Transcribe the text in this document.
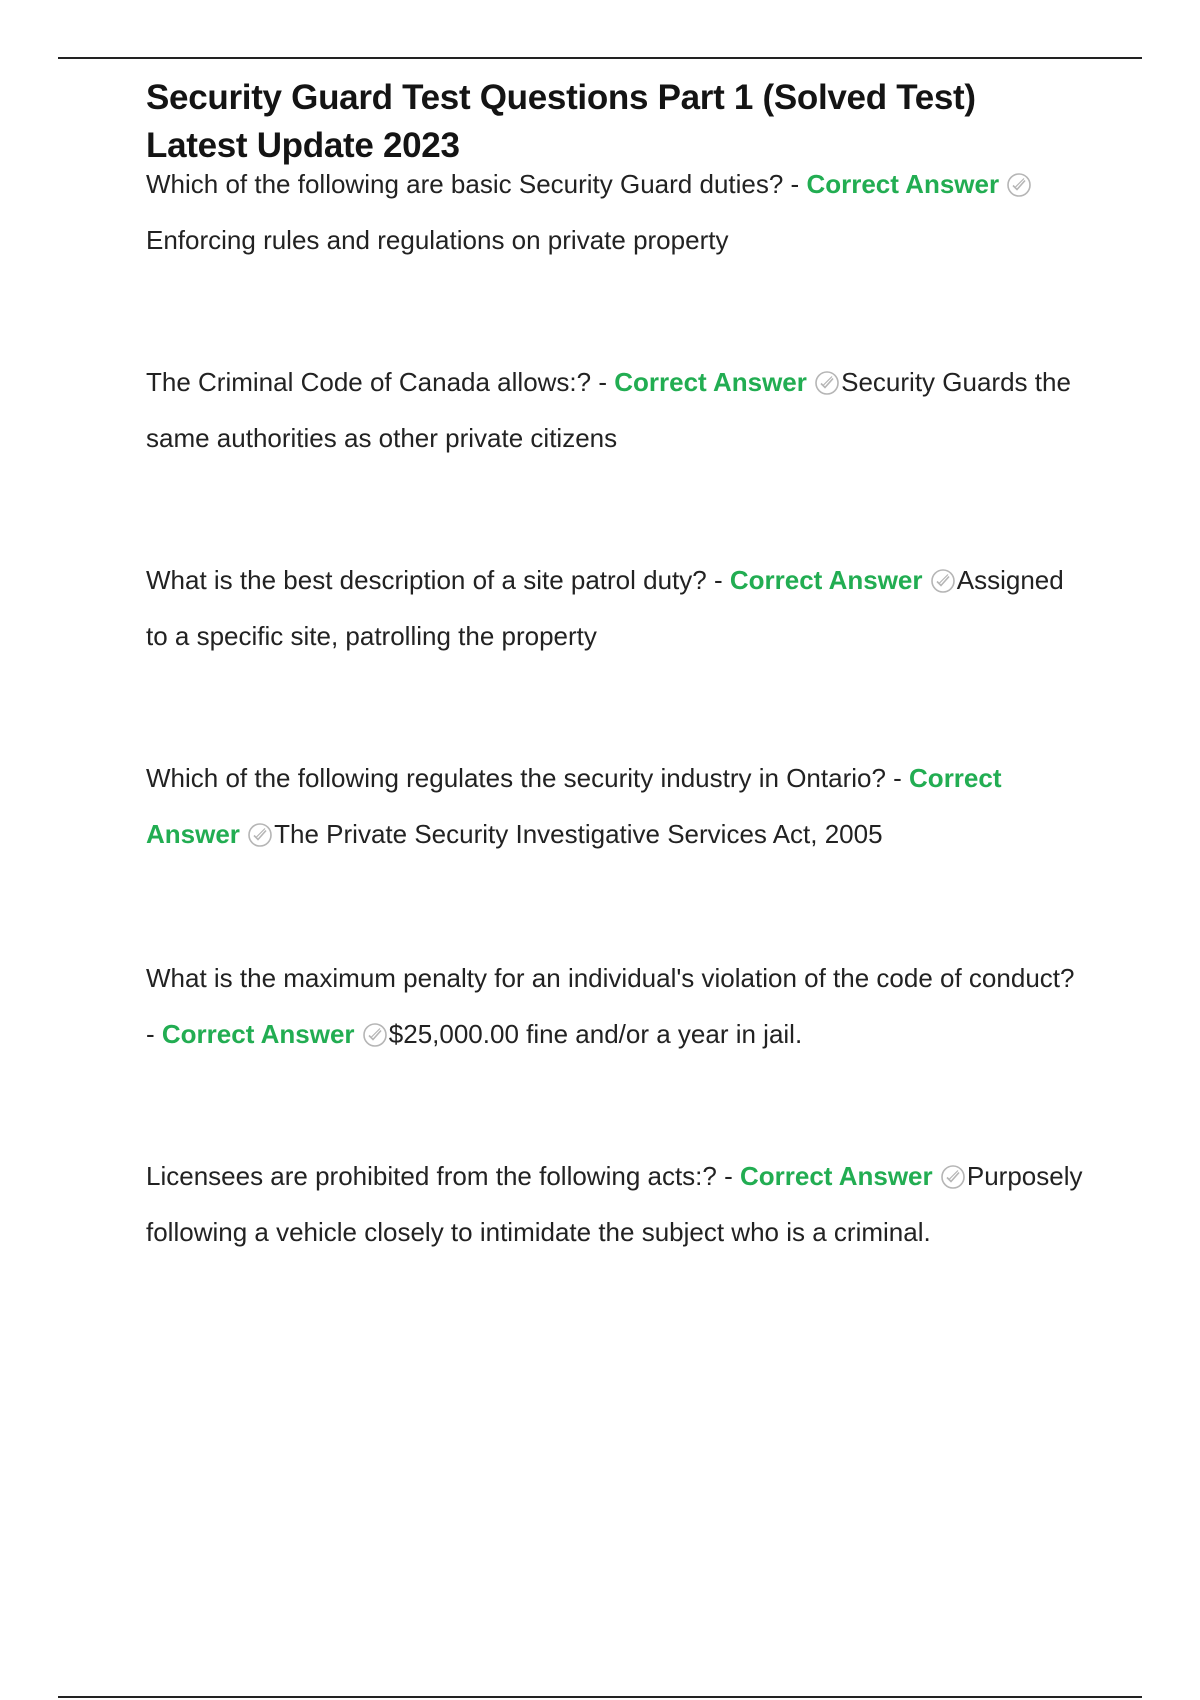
Security Guard Test Questions Part 1 (Solved Test) Latest Update 2023
Which of the following are basic Security Guard duties? - Correct Answer Enforcing rules and regulations on private property
The Criminal Code of Canada allows:? - Correct Answer Security Guards the same authorities as other private citizens
What is the best description of a site patrol duty? - Correct Answer Assigned to a specific site, patrolling the property
Which of the following regulates the security industry in Ontario? - Correct Answer The Private Security Investigative Services Act, 2005
What is the maximum penalty for an individual's violation of the code of conduct? - Correct Answer $25,000.00 fine and/or a year in jail.
Licensees are prohibited from the following acts:? - Correct Answer Purposely following a vehicle closely to intimidate the subject who is a criminal.
